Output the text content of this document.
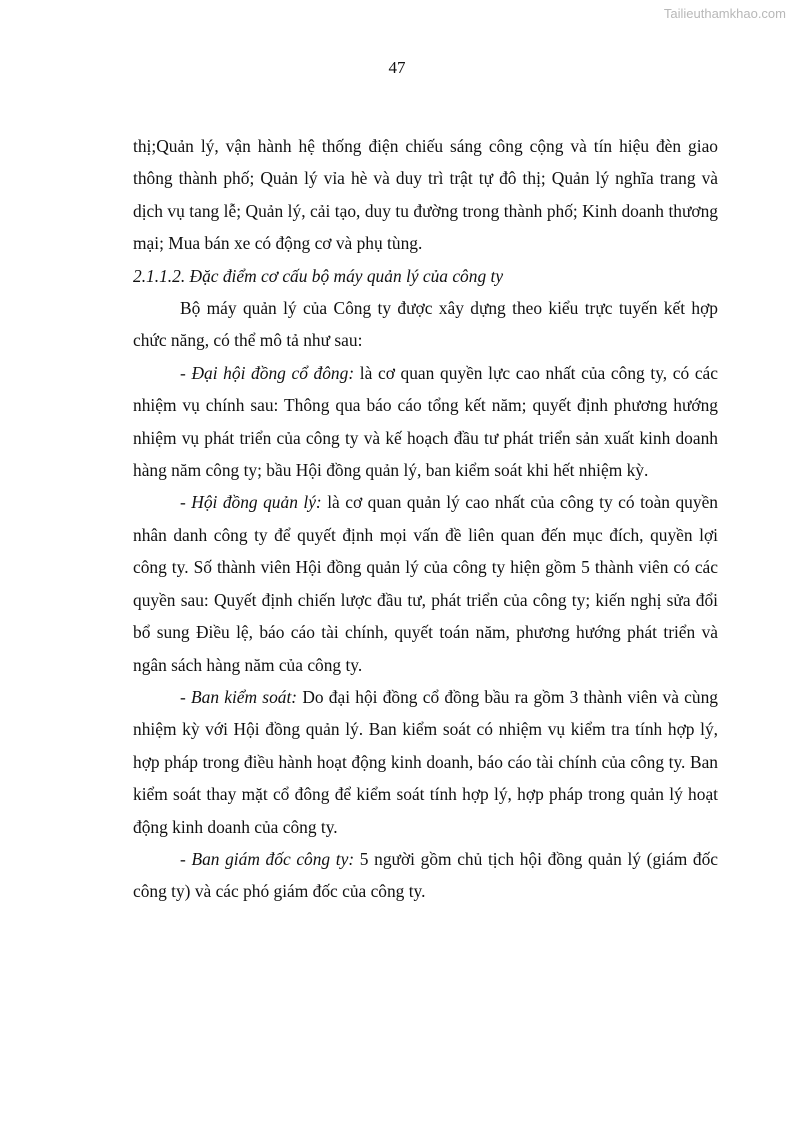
Tailieuthamkhao.com
47

thị;Quản lý, vận hành hệ thống điện chiếu sáng công cộng và tín hiệu đèn giao thông thành phố; Quản lý vỉa hè và duy trì trật tự đô thị; Quản lý nghĩa trang và dịch vụ tang lễ; Quản lý, cải tạo, duy tu đường trong thành phố; Kinh doanh thương mại; Mua bán xe có động cơ và phụ tùng.

2.1.1.2. Đặc điểm cơ cấu bộ máy quản lý của công ty

Bộ máy quản lý của Công ty được xây dựng theo kiểu trực tuyến kết hợp chức năng, có thể mô tả như sau:

- Đại hội đồng cổ đông: là cơ quan quyền lực cao nhất của công ty, có các nhiệm vụ chính sau: Thông qua báo cáo tổng kết năm; quyết định phương hướng nhiệm vụ phát triển của công ty và kế hoạch đầu tư phát triển sản xuất kinh doanh hàng năm công ty; bầu Hội đồng quản lý, ban kiểm soát khi hết nhiệm kỳ.

- Hội đồng quản lý: là cơ quan quản lý cao nhất của công ty có toàn quyền nhân danh công ty để quyết định mọi vấn đề liên quan đến mục đích, quyền lợi công ty. Số thành viên Hội đồng quản lý của công ty hiện gồm 5 thành viên có các quyền sau: Quyết định chiến lược đầu tư, phát triển của công ty; kiến nghị sửa đổi bổ sung Điều lệ, báo cáo tài chính, quyết toán năm, phương hướng phát triển và ngân sách hàng năm của công ty.

- Ban kiểm soát: Do đại hội đồng cổ đồng bầu ra gồm 3 thành viên và cùng nhiệm kỳ với Hội đồng quản lý. Ban kiểm soát có nhiệm vụ kiểm tra tính hợp lý, hợp pháp trong điều hành hoạt động kinh doanh, báo cáo tài chính của công ty. Ban kiểm soát thay mặt cổ đông để kiểm soát tính hợp lý, hợp pháp trong quản lý hoạt động kinh doanh của công ty.

- Ban giám đốc công ty: 5 người gồm chủ tịch hội đồng quản lý (giám đốc công ty) và các phó giám đốc của công ty.
